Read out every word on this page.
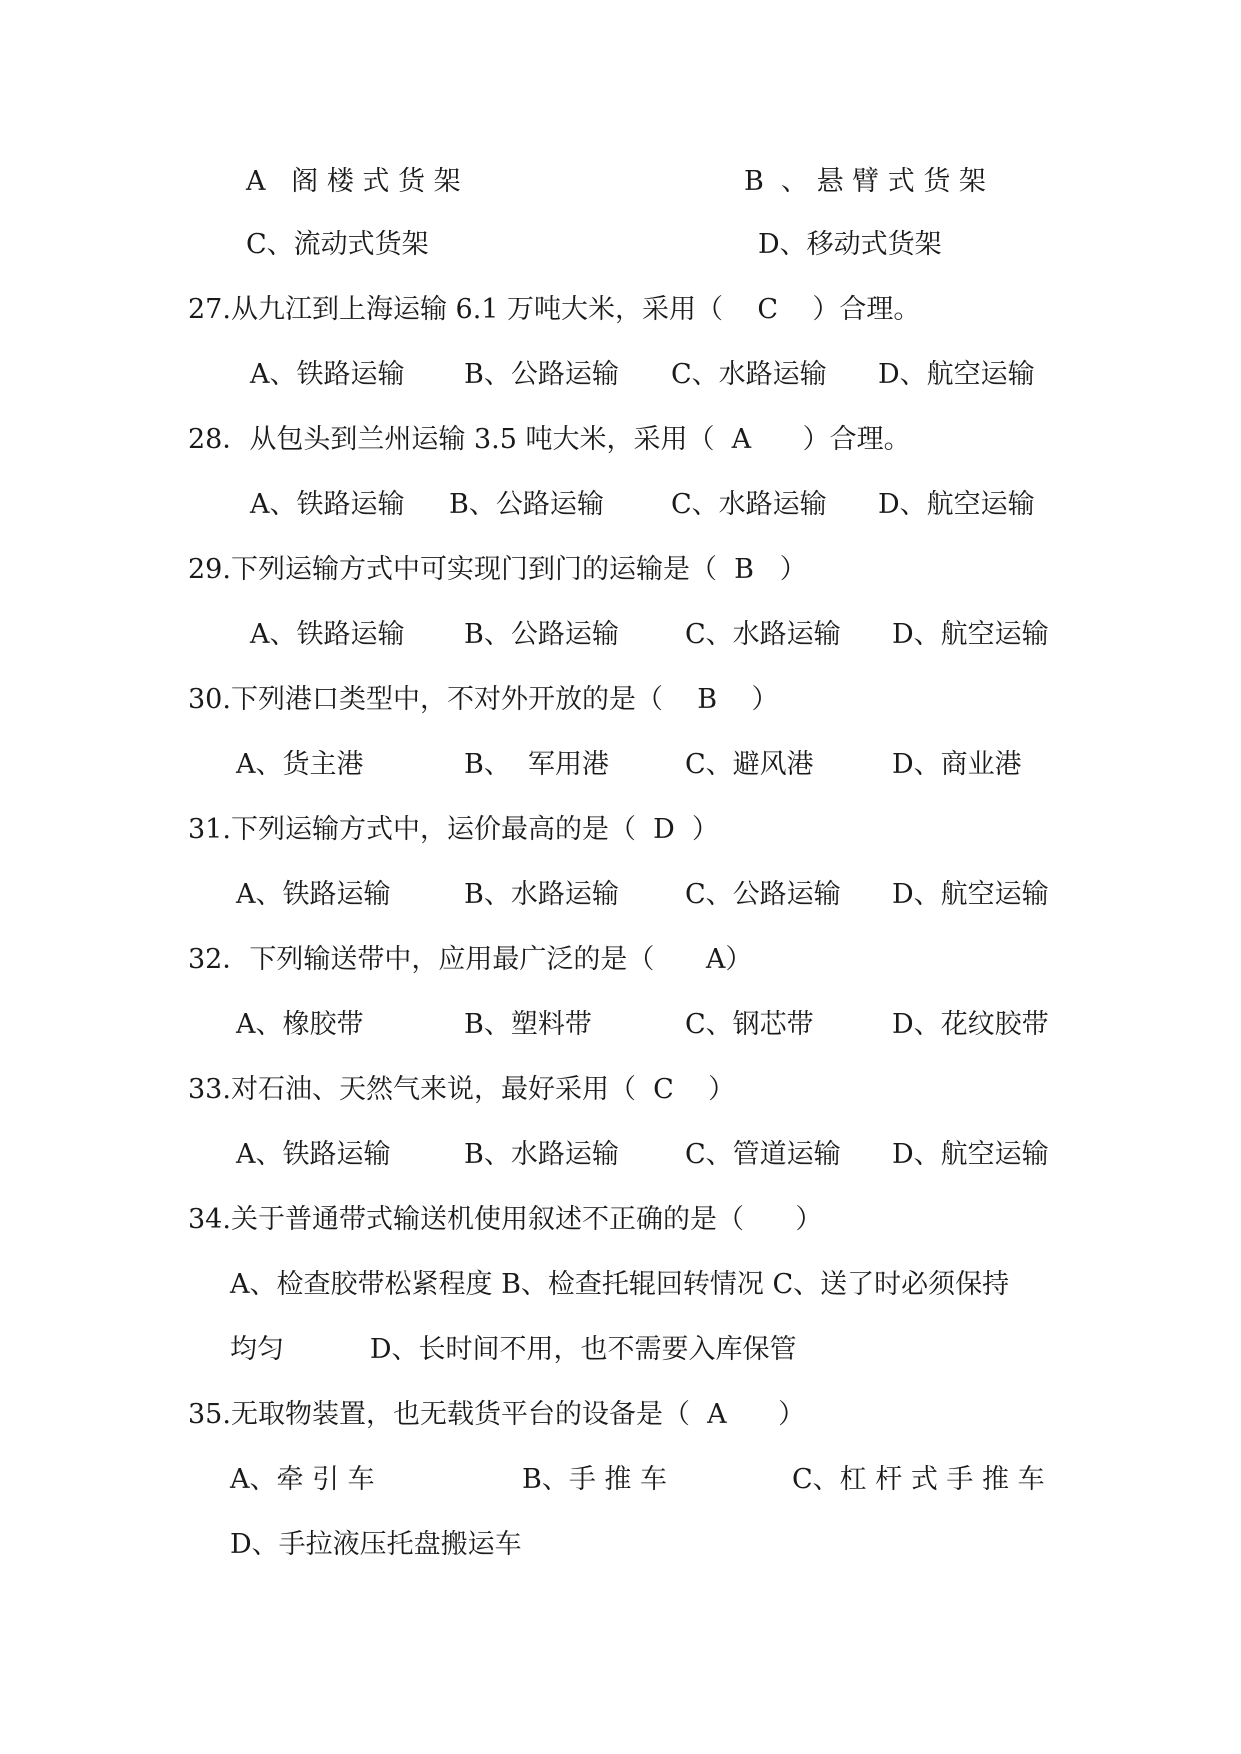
A   阁 楼 式 货 架	B  、 悬 臂 式 货 架
C、流动式货架	D、移动式货架
27.从九江到上海运输 6.1 万吨大米，采用（    C    ）合理。
A、铁路运输 B、公路运输 C、水路运输 D、航空运输
28．从包头到兰州运输 3.5 吨大米，采用（  A      ）合理。
A、铁路运输 B、公路运输 C、水路运输 D、航空运输
29.下列运输方式中可实现门到门的运输是（  B   ）
A、铁路运输 B、公路运输 C、水路运输 D、航空运输
30.下列港口类型中，不对外开放的是（    B    ）
A、货主港	B、  军用港	C、避风港	D、商业港
31.下列运输方式中，运价最高的是（  D  ）
A、铁路运输	B、水路运输 C、公路运输 D、航空运输
32．下列输送带中，应用最广泛的是（      A）
A、橡胶带	B、塑料带	C、钢芯带	D、花纹胶带
33.对石油、天然气来说，最好采用（  C    ）
A、铁路运输	B、水路运输 C、管道运输 D、航空运输
34.关于普通带式输送机使用叙述不正确的是（      ）
A、检查胶带松紧程度 B、检查托辊回转情况 C、送了时必须保持
均匀          D、长时间不用，也不需要入库保管
35.无取物装置，也无载货平台的设备是（  A      ）
A、牵 引 车	B、手 推 车	C、杠 杆 式 手 推 车
D、手拉液压托盘搬运车
